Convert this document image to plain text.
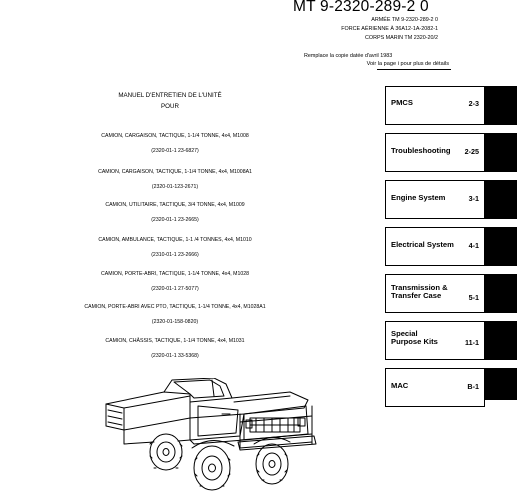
MT 9-2320-289-2 0
ARMÉE TM 9-2320-289-2 0
FORCE AÉRIENNE À 36A12-1A-2082-1
CORPS MARIN TM 2320-20/2
Remplace la copie datée d'avril 1983
Voir la page i pour plus de détails
MANUEL D'ENTRETIEN DE L'UNITÉ
POUR
CAMION, CARGAISON, TACTIQUE, 1-1/4 TONNE, 4x4, M1008
(2320-01-1 23-6827)
CAMION, CARGAISON, TACTIQUE, 1-1/4 TONNE, 4x4, M1008A1
(2320-01-123-2671)
CAMION, UTILITAIRE, TACTIQUE, 3/4 TONNE, 4x4, M1009
(2320-01-1 23-2665)
CAMION, AMBULANCE, TACTIQUE, 1-1 /4 TONNES, 4x4, M1010
(2310-01-1 23-2666)
CAMION, PORTE-ABRI, TACTIQUE, 1-1/4 TONNE, 4x4, M1028
(2320-01-1 27-5077)
CAMION, PORTE-ABRI AVEC PTO, TACTIQUE, 1-1/4 TONNE, 4x4, M1028A1
(2320-01-158-0820)
CAMION, CHÂSSIS, TACTIQUE, 1-1/4 TONNE, 4x4, M1031
(2320-01-1 33-5368)
PMCS	2-3
Troubleshooting 2-25
Engine System	3-1
Electrical System 4-1
Transmission &
Transfer Case	5-1
Special
Purpose Kits	11-1
MAC	B-1
